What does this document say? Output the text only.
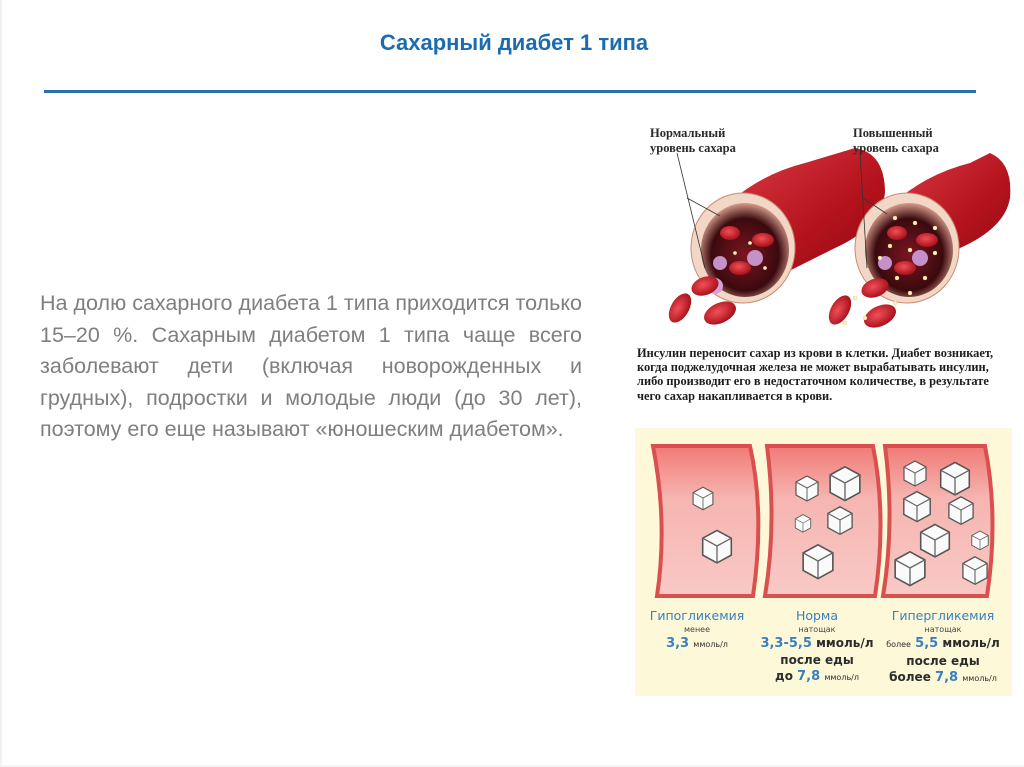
Сахарный диабет 1 типа
На долю сахарного диабета 1 типа приходится только 15–20 %. Сахарным диабетом 1 типа чаще всего заболевают дети (включая новорожденных и грудных), подростки и молодые люди (до 30 лет), поэтому его еще называют «юношеским диабетом».
Нормальный
уровень сахара
Повышенный
уровень сахара
Инсулин переносит сахар из крови в клетки. Диабет возникает, когда поджелудочная железа не может вырабатывать инсулин, либо производит его в недостаточном количестве, в результате чего сахар накапливается в крови.
Гипогликемия
менее
3,3 ммоль/л
Норма
натощак
3,3-5,5 ммоль/л
после еды
до 7,8 ммоль/л
Гипергликемия
натощак
более 5,5 ммоль/л
после еды
более 7,8 ммоль/л
